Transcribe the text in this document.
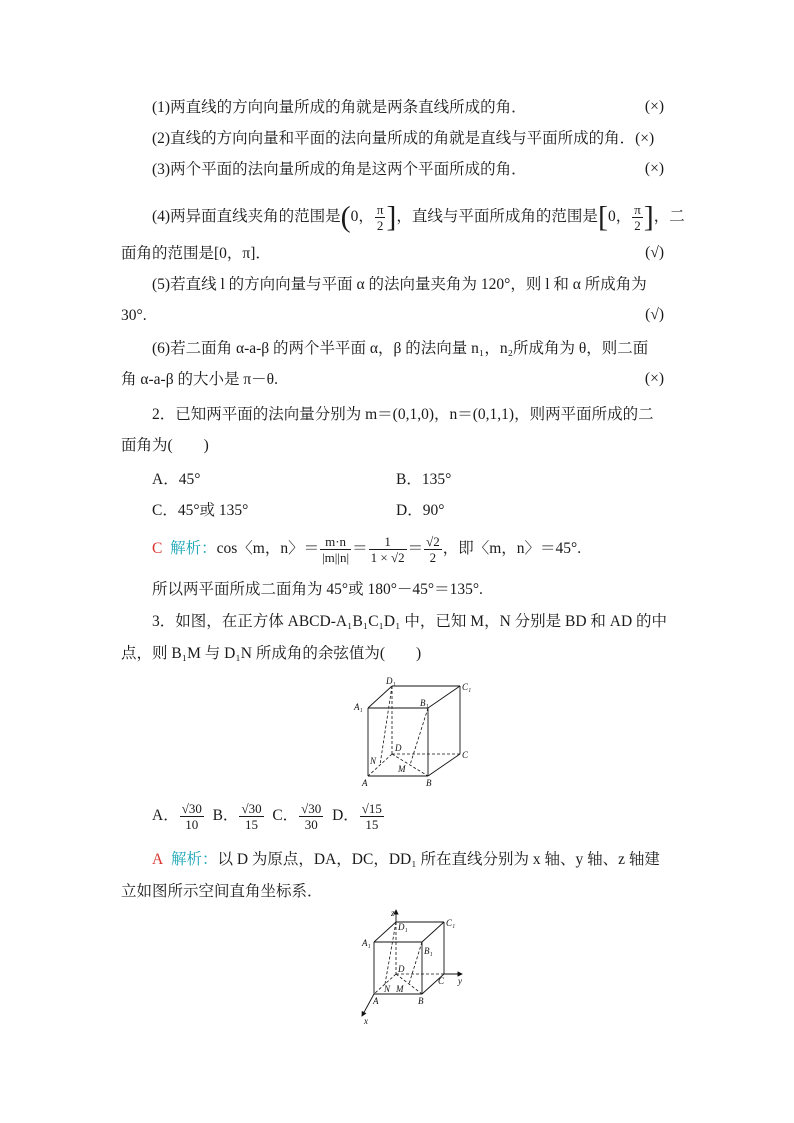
(1)两直线的方向向量所成的角就是两条直线所成的角．	(×)
(2)直线的方向向量和平面的法向量所成的角就是直线与平面所成的角．(×)
(3)两个平面的法向量所成的角是这两个平面所成的角．	(×)
(4)两异面直线夹角的范围是(0， $\frac{\pi}{2}$ ]，直线与平面所成角的范围是[0， $\frac{\pi}{2}$ ]，二
面角的范围是[0，π]．	(√)
(5)若直线 l 的方向向量与平面 α 的法向量夹角为 120°，则 l 和 α 所成角为
30°.	(√)
(6)若二面角 α-a-β 的两个半平面 α，β 的法向量 n₁，n₂所成角为 θ，则二面
角 α-a-β 的大小是 π－θ.	(×)
2．已知两平面的法向量分别为 m＝(0,1,0)，n＝(0,1,1)，则两平面所成的二
面角为(　　)
A．45°	B．135°
C．45°或 135°	D．90°
C 解析：cos〈m，n〉＝ $\frac{m\cdot n}{|m||n|} = \frac{1}{1 \times √2} = \frac{√2}{2}$ ，即〈m，n〉＝45°.
所以两平面所成二面角为 45°或 180°－45°＝135°.
3．如图，在正方体 ABCD-A₁B₁C₁D₁ 中，已知 M，N 分别是 BD 和 AD 的中
点，则 B₁M 与 D₁N 所成角的余弦值为(　　)
D₁
C₁
A₁	B₁
D
C
N
M
A	B
A． $\frac{√30}{10}$ B． $\frac{√30}{15}$ C． $\frac{√30}{30}$ D． $\frac{√15}{15}$
A 解析：以 D 为原点，DA，DC，DD₁ 所在直线分别为 x 轴、y 轴、z 轴建
立如图所示空间直角坐标系．
z
D₁	C₁
A₁
B₁
D
C y
N M
A	B
x
